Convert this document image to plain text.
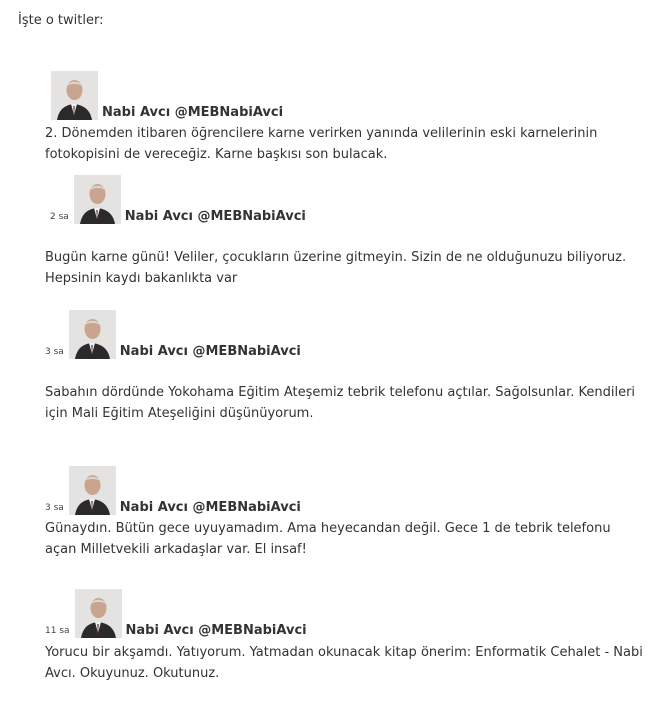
İşte o twitler:

Nabi Avcı @MEBNabiAvci

2. Dönemden itibaren öğrencilere karne verirken yanında velilerinin eski karnelerinin fotokopisini de vereceğiz. Karne başkısı son bulacak.

2 sa	Nabi Avcı @MEBNabiAvci

Bugün karne günü! Veliler, çocukların üzerine gitmeyin. Sizin de ne olduğunuzu biliyoruz. Hepsinin kaydı bakanlıkta var

3 sa	Nabi Avcı @MEBNabiAvci

Sabahın dördünde Yokohama Eğitim Ateşemiz tebrik telefonu açtılar. Sağolsunlar. Kendileri için Mali Eğitim Ateşeliğini düşünüyorum.

3 sa	Nabi Avcı @MEBNabiAvci

Günaydın. Bütün gece uyuyamadım. Ama heyecandan değil. Gece 1 de tebrik telefonu açan Milletvekili arkadaşlar var. El insaf!

11 sa	Nabi Avcı @MEBNabiAvci

Yorucu bir akşamdı. Yatıyorum. Yatmadan okunacak kitap önerim: Enformatik Cehalet - Nabi Avcı. Okuyunuz. Okutunuz.
